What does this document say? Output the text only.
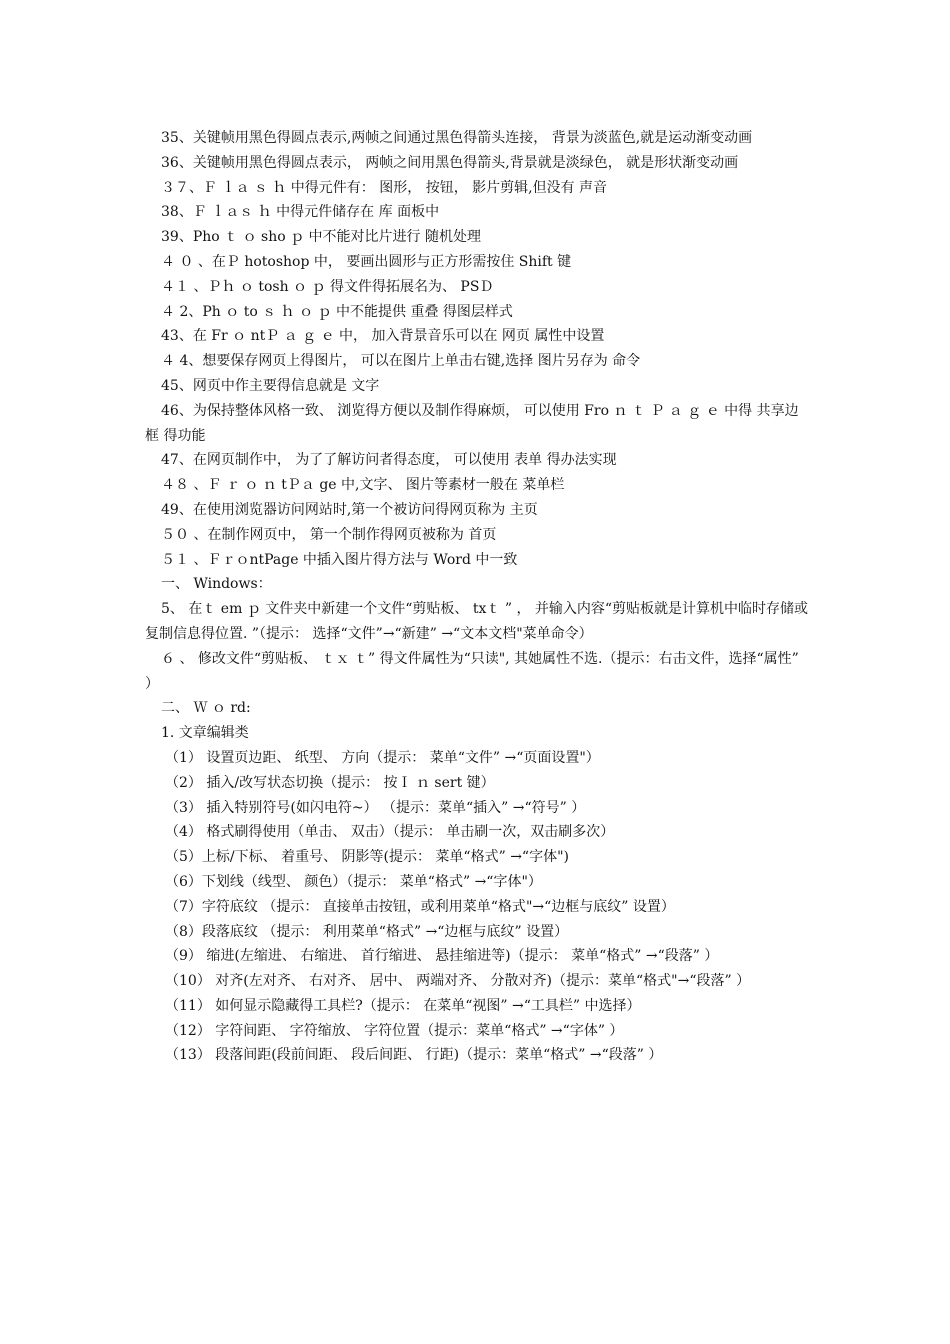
35、关键帧用黑色得圆点表示,两帧之间通过黑色得箭头连接， 背景为淡蓝色,就是运动渐变动画

36、关键帧用黑色得圆点表示， 两帧之间用黑色得箭头,背景就是淡绿色， 就是形状渐变动画

３７、Ｆ ｌａ ｓ ｈ 中得元件有： 图形， 按钮， 影片剪辑,但没有 声音

38、Ｆ ｌａｓ ｈ 中得元件储存在 库 面板中

39、Pho ｔ ｏ sho ｐ 中不能对比片进行 随机处理

４ ０ 、在Ｐ hotoshop 中， 要画出圆形与正方形需按住 Shift 键

４１ 、Ｐｈ ｏ tosh ｏ ｐ 得文件得拓展名为、 PSＤ

４ 2、Ph ｏ to ｓ ｈ ｏ ｐ 中不能提供 重叠 得图层样式

43、在 Fr ｏ ntＰ ａ ｇ ｅ 中， 加入背景音乐可以在 网页 属性中设置

４ 4、想要保存网页上得图片， 可以在图片上单击右键,选择 图片另存为 命令

45、网页中作主要得信息就是 文字

46、为保持整体风格一致、 浏览得方便以及制作得麻烦， 可以使用 Fro ｎ ｔ Ｐ ａ ｇ ｅ 中得 共享边框 得功能

47、在网页制作中， 为了了解访问者得态度， 可以使用 表单 得办法实现

４８ 、Ｆ ｒ ｏ ｎ tＰａ ge 中,文字、 图片等素材一般在 菜单栏

49、在使用浏览器访问网站时,第一个被访问得网页称为 主页

５０ 、在制作网页中， 第一个制作得网页被称为 首页

５１ 、ＦｒｏntPage 中插入图片得方法与 Word 中一致

一、 Windows：

5、 在ｔ em ｐ 文件夹中新建一个文件“剪贴板、 txｔ ” ， 并输入内容“剪贴板就是计算机中临时存储或复制信息得位置. ”（提示： 选择“文件”→“新建” →“文本文档"菜单命令）

６ 、 修改文件“剪贴板、 ｔｘ ｔ” 得文件属性为“只读", 其她属性不选.（提示：右击文件，选择“属性” ）

二、 Ｗ ｏ rd:

1. 文章编辑类

（1） 设置页边距、 纸型、 方向（提示： 菜单“文件” →“页面设置"）

（2） 插入/改写状态切换（提示： 按Ｉ ｎ sert 键）

（3） 插入特别符号(如闪电符~） （提示：菜单“插入” →“符号” ）

（4） 格式刷得使用（单击、 双击）（提示： 单击刷一次，双击刷多次）

（5）上标/下标、 着重号、 阴影等(提示： 菜单“格式” →“字体")

（6）下划线（线型、 颜色）（提示： 菜单“格式” →“字体"）

（7）字符底纹 （提示： 直接单击按钮，或利用菜单“格式"→“边框与底纹” 设置）

（8）段落底纹 （提示： 利用菜单“格式” →“边框与底纹” 设置）

（9） 缩进(左缩进、 右缩进、 首行缩进、 悬挂缩进等)（提示： 菜单“格式” →“段落” ）

（10） 对齐(左对齐、 右对齐、 居中、 两端对齐、 分散对齐)（提示：菜单“格式"→“段落” ）

（11） 如何显示隐藏得工具栏?（提示： 在菜单“视图” →“工具栏” 中选择）

（12） 字符间距、 字符缩放、 字符位置（提示：菜单“格式” →“字体” ）

（13） 段落间距(段前间距、 段后间距、 行距)（提示：菜单“格式” →“段落” ）
